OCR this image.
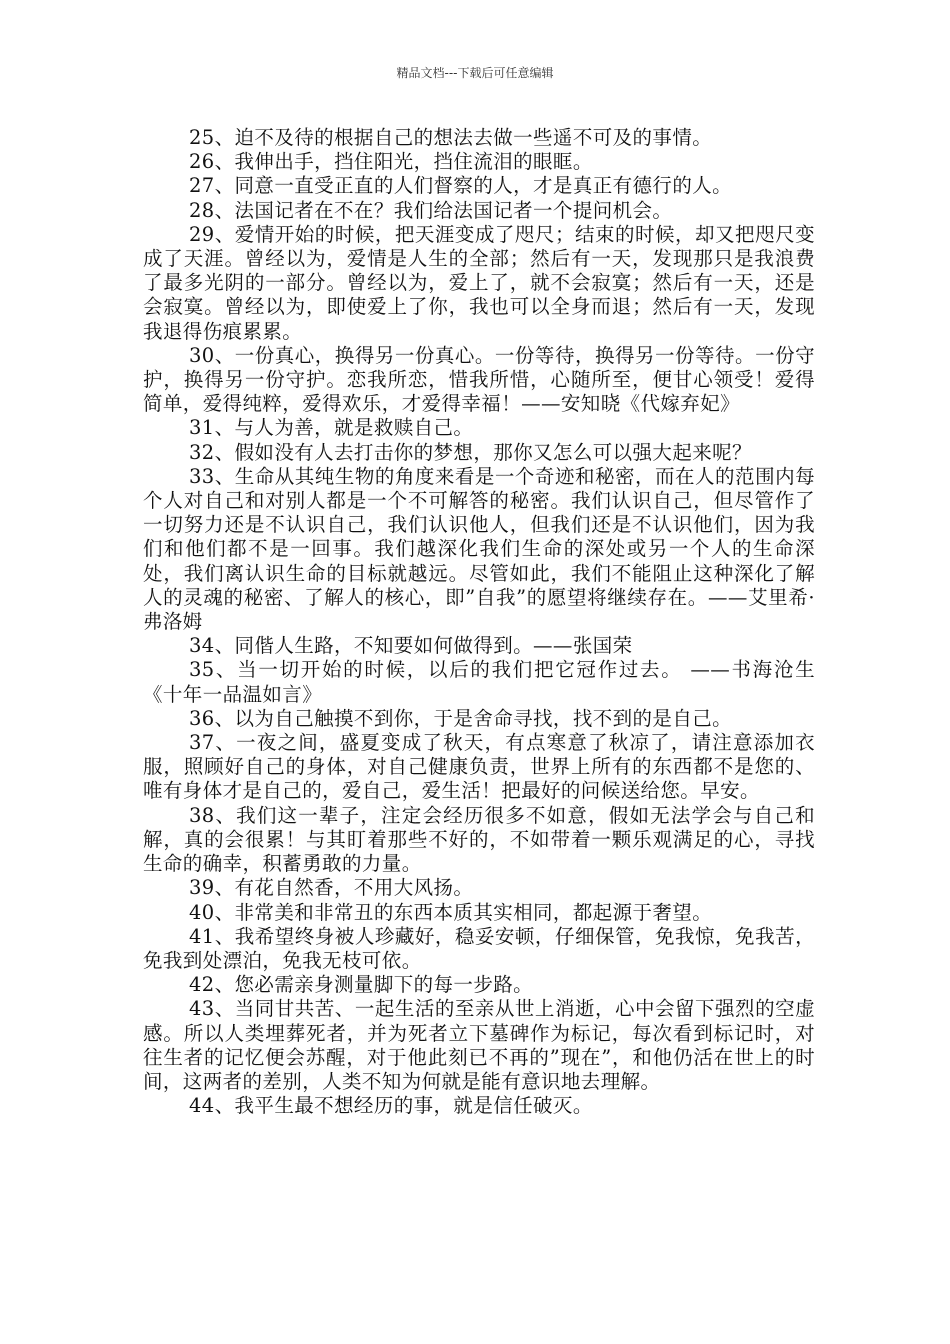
精品文档---下载后可任意编辑

25、迫不及待的根据自己的想法去做一些遥不可及的事情。

26、我伸出手，挡住阳光，挡住流泪的眼眶。

27、同意一直受正直的人们督察的人，才是真正有德行的人。

28、法国记者在不在？我们给法国记者一个提问机会。

29、爱情开始的时候，把天涯变成了咫尺；结束的时候，却又把咫尺变成了天涯。曾经以为，爱情是人生的全部；然后有一天，发现那只是我浪费了最多光阴的一部分。曾经以为，爱上了，就不会寂寞；然后有一天，还是会寂寞。曾经以为，即使爱上了你，我也可以全身而退；然后有一天，发现我退得伤痕累累。

30、一份真心，换得另一份真心。一份等待，换得另一份等待。一份守护，换得另一份守护。恋我所恋，惜我所惜，心随所至，便甘心领受！爱得简单，爱得纯粹，爱得欢乐，才爱得幸福！——安知晓《代嫁弃妃》

31、与人为善，就是救赎自己。

32、假如没有人去打击你的梦想，那你又怎么可以强大起来呢？

33、生命从其纯生物的角度来看是一个奇迹和秘密，而在人的范围内每个人对自己和对别人都是一个不可解答的秘密。我们认识自己，但尽管作了一切努力还是不认识自己，我们认识他人，但我们还是不认识他们，因为我们和他们都不是一回事。我们越深化我们生命的深处或另一个人的生命深处，我们离认识生命的目标就越远。尽管如此，我们不能阻止这种深化了解人的灵魂的秘密、了解人的核心，即”自我”的愿望将继续存在。——艾里希·弗洛姆

34、同偕人生路，不知要如何做得到。——张国荣

35、当一切开始的时候，以后的我们把它冠作过去。 ——书海沧生 《十年一品温如言》

36、以为自己触摸不到你，于是舍命寻找，找不到的是自己。

37、一夜之间，盛夏变成了秋天，有点寒意了秋凉了，请注意添加衣服，照顾好自己的身体，对自己健康负责，世界上所有的东西都不是您的、唯有身体才是自己的，爱自己，爱生活！把最好的问候送给您。早安。

38、我们这一辈子，注定会经历很多不如意，假如无法学会与自己和解，真的会很累！与其盯着那些不好的，不如带着一颗乐观满足的心，寻找生命的确幸，积蓄勇敢的力量。

39、有花自然香，不用大风扬。

40、非常美和非常丑的东西本质其实相同，都起源于奢望。

41、我希望终身被人珍藏好，稳妥安顿，仔细保管，免我惊，免我苦，免我到处漂泊，免我无枝可依。

42、您必需亲身测量脚下的每一步路。

43、当同甘共苦、一起生活的至亲从世上消逝，心中会留下强烈的空虚感。所以人类埋葬死者，并为死者立下墓碑作为标记，每次看到标记时，对往生者的记忆便会苏醒，对于他此刻已不再的”现在”，和他仍活在世上的时间，这两者的差别，人类不知为何就是能有意识地去理解。

44、我平生最不想经历的事，就是信任破灭。
